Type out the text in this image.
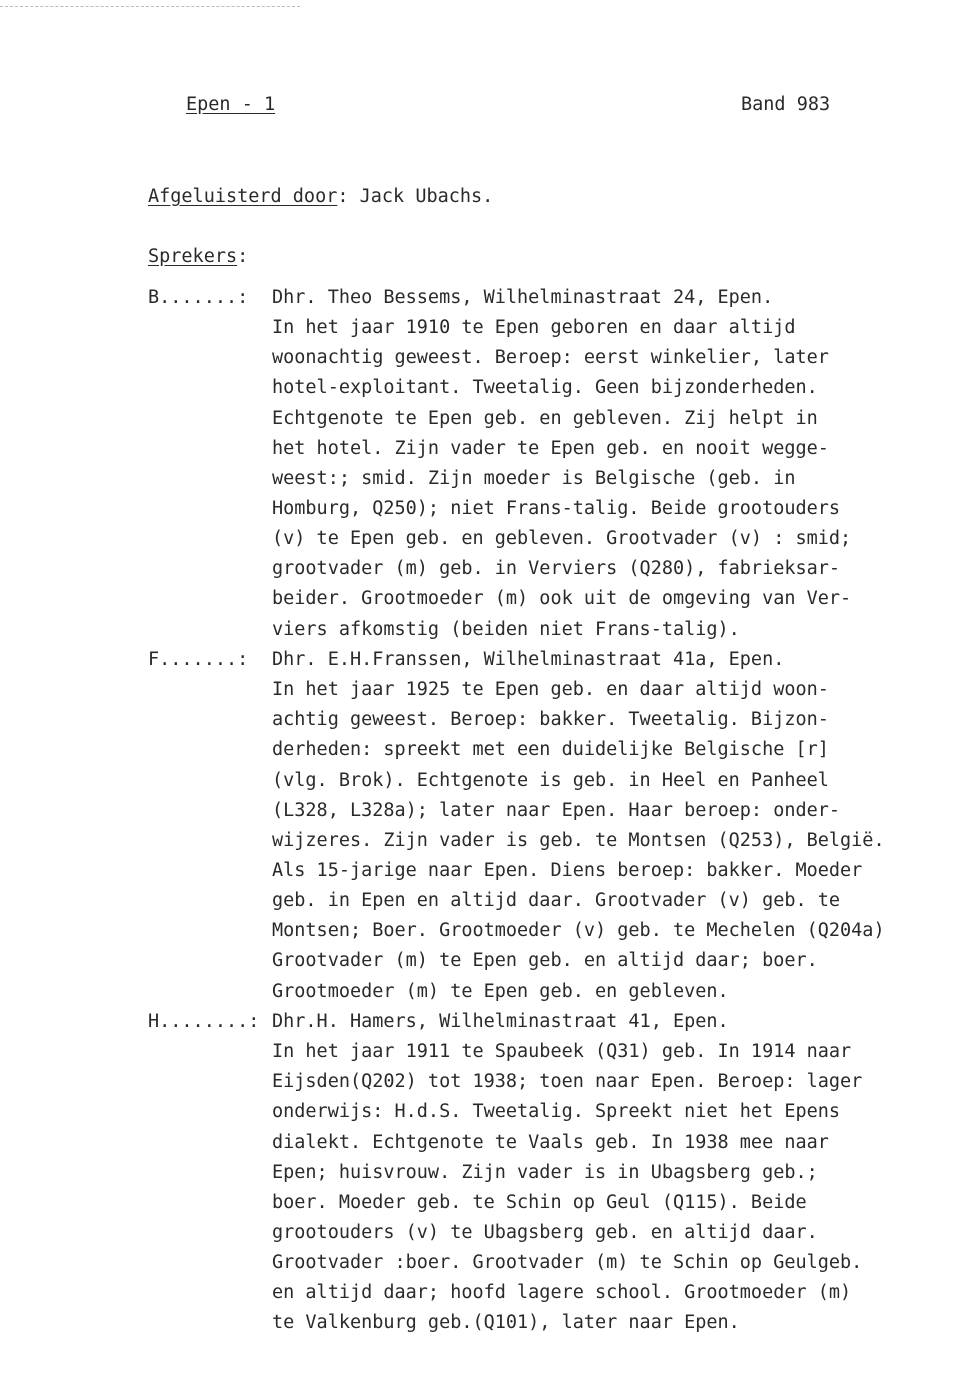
Epen - 1	Band 983
Afgeluisterd door: Jack Ubachs.
Sprekers:
B.......: Dhr. Theo Bessems, Wilhelminastraat 24, Epen.
In het jaar 1910 te Epen geboren en daar altijd
woonachtig geweest. Beroep: eerst winkelier, later
hotel-exploitant. Tweetalig. Geen bijzonderheden.
Echtgenote te Epen geb. en gebleven. Zij helpt in
het hotel. Zijn vader te Epen geb. en nooit wegge-
weest:; smid. Zijn moeder is Belgische (geb. in
Homburg, Q250); niet Frans-talig. Beide grootouders
(v) te Epen geb. en gebleven. Grootvader (v) : smid;
grootvader (m) geb. in Verviers (Q280), fabrieksar-
beider. Grootmoeder (m) ook uit de omgeving van Ver-
viers afkomstig (beiden niet Frans-talig).
F.......: Dhr. E.H.Franssen, Wilhelminastraat 41a, Epen.
In het jaar 1925 te Epen geb. en daar altijd woon-
achtig geweest. Beroep: bakker. Tweetalig. Bijzon-
derheden: spreekt met een duidelijke Belgische [r]
(vlg. Brok). Echtgenote is geb. in Heel en Panheel
(L328, L328a); later naar Epen. Haar beroep: onder-
wijzeres. Zijn vader is geb. te Montsen (Q253), België.
Als 15-jarige naar Epen. Diens beroep: bakker. Moeder
geb. in Epen en altijd daar. Grootvader (v) geb. te
Montsen; Boer. Grootmoeder (v) geb. te Mechelen (Q204a)
Grootvader (m) te Epen geb. en altijd daar; boer.
Grootmoeder (m) te Epen geb. en gebleven.
H........: Dhr.H. Hamers, Wilhelminastraat 41, Epen.
In het jaar 1911 te Spaubeek (Q31) geb. In 1914 naar
Eijsden(Q202) tot 1938; toen naar Epen. Beroep: lager
onderwijs: H.d.S. Tweetalig. Spreekt niet het Epens
dialekt. Echtgenote te Vaals geb. In 1938 mee naar
Epen; huisvrouw. Zijn vader is in Ubagsberg geb.;
boer. Moeder geb. te Schin op Geul (Q115). Beide
grootouders (v) te Ubagsberg geb. en altijd daar.
Grootvader :boer. Grootvader (m) te Schin op Geulgeb.
en altijd daar; hoofd lagere school. Grootmoeder (m)
te Valkenburg geb.(Q101), later naar Epen.
